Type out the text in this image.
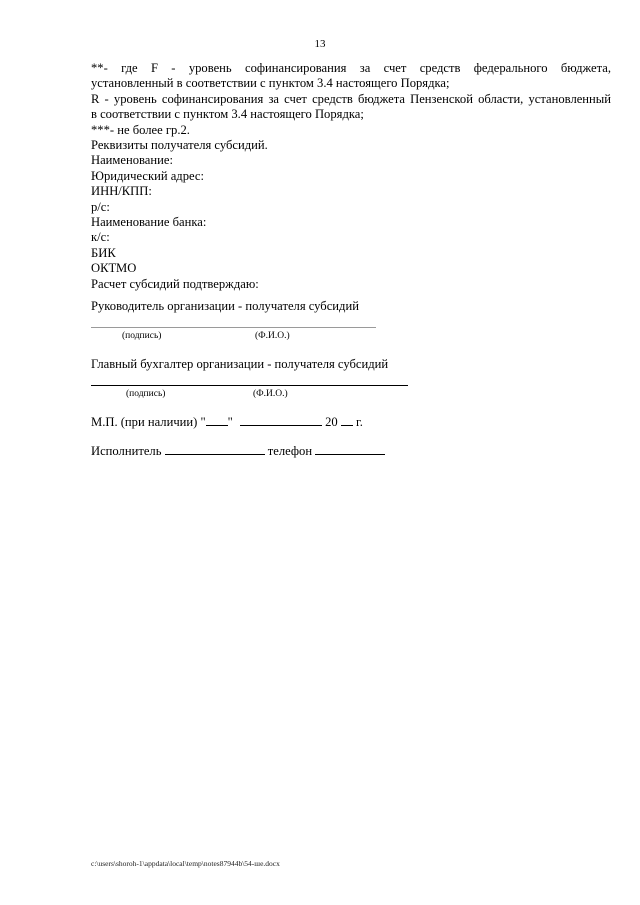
13

**- где F - уровень софинансирования за счет средств федерального бюджета,

установленный в соответствии с пунктом 3.4 настоящего Порядка;

R - уровень софинансирования за счет средств бюджета Пензенской области, установленный

в соответствии с пунктом 3.4 настоящего Порядка;

***- не более гр.2.

Реквизиты получателя субсидий.

Наименование:

Юридический адрес:

ИНН/КПП:

р/с:

Наименование банка:

к/с:

БИК

ОКТМО

Расчет субсидий подтверждаю:

Руководитель организации - получателя субсидий
(подпись)	(Ф.И.О.)
Главный бухгалтер организации - получателя субсидий
(подпись)	(Ф.И.О.)
М.П. (при наличии) " "	20 г.
Исполнитель	телефон
c:\users\shoroh-1\appdata\local\temp\notes87944b\54-ше.docx
